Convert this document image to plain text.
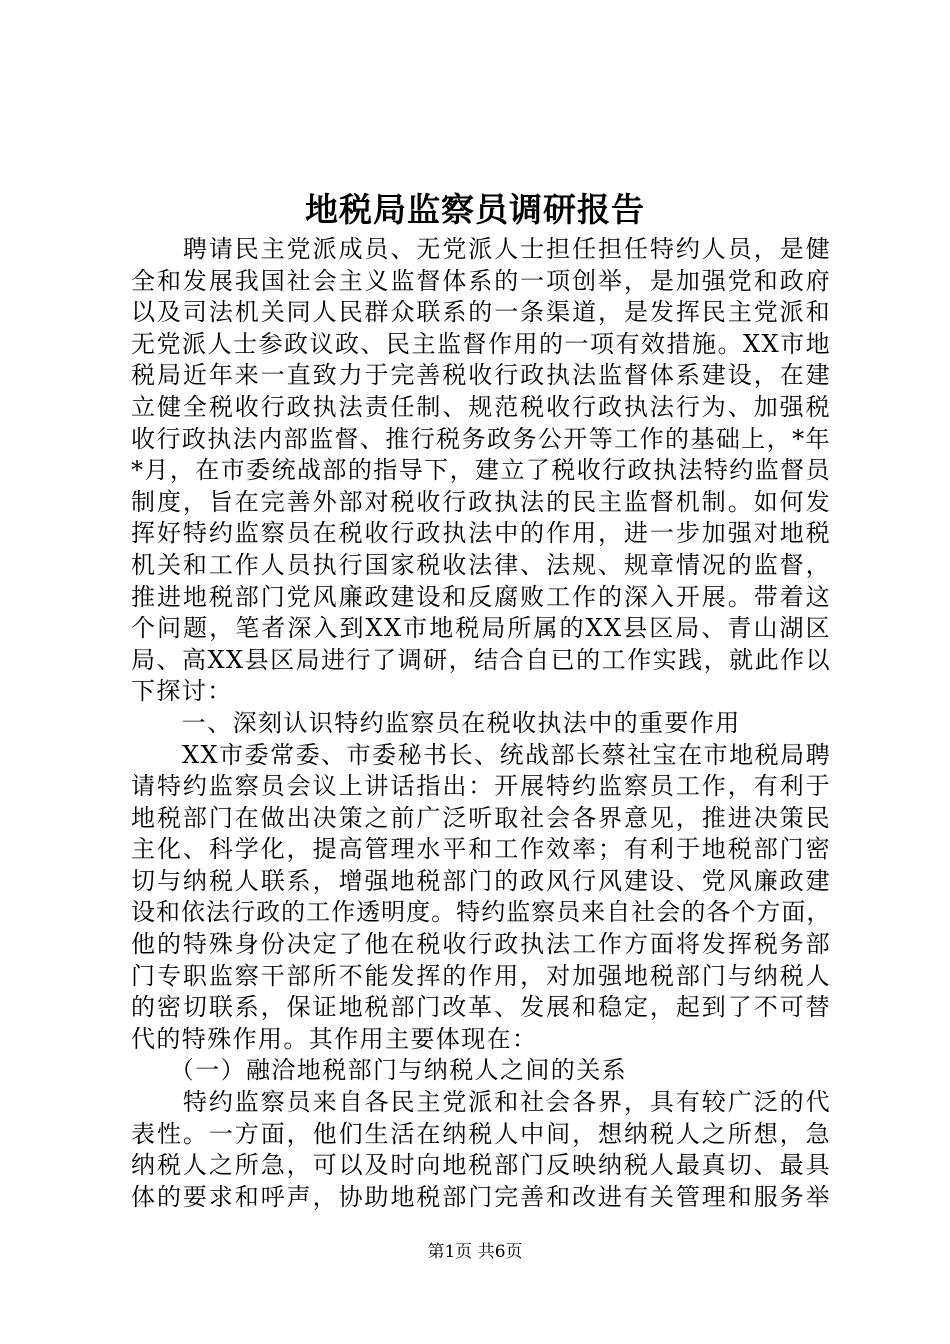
地税局监察员调研报告
　　聘请民主党派成员、无党派人士担任担任特约人员，是健
全和发展我国社会主义监督体系的一项创举，是加强党和政府
以及司法机关同人民群众联系的一条渠道，是发挥民主党派和
无党派人士参政议政、民主监督作用的一项有效措施。XX市地
税局近年来一直致力于完善税收行政执法监督体系建设，在建
立健全税收行政执法责任制、规范税收行政执法行为、加强税
收行政执法内部监督、推行税务政务公开等工作的基础上，*年
*月，在市委统战部的指导下，建立了税收行政执法特约监督员
制度，旨在完善外部对税收行政执法的民主监督机制。如何发
挥好特约监察员在税收行政执法中的作用，进一步加强对地税
机关和工作人员执行国家税收法律、法规、规章情况的监督，
推进地税部门党风廉政建设和反腐败工作的深入开展。带着这
个问题，笔者深入到XX市地税局所属的XX县区局、青山湖区
局、高XX县区局进行了调研，结合自已的工作实践，就此作以
下探讨：
　　一、深刻认识特约监察员在税收执法中的重要作用
　　XX市委常委、市委秘书长、统战部长蔡社宝在市地税局聘
请特约监察员会议上讲话指出：开展特约监察员工作，有利于
地税部门在做出决策之前广泛听取社会各界意见，推进决策民
主化、科学化，提高管理水平和工作效率；有利于地税部门密
切与纳税人联系，增强地税部门的政风行风建设、党风廉政建
设和依法行政的工作透明度。特约监察员来自社会的各个方面，
他的特殊身份决定了他在税收行政执法工作方面将发挥税务部
门专职监察干部所不能发挥的作用，对加强地税部门与纳税人
的密切联系，保证地税部门改革、发展和稳定，起到了不可替
代的特殊作用。其作用主要体现在：
　　（一）融洽地税部门与纳税人之间的关系
　　特约监察员来自各民主党派和社会各界，具有较广泛的代
表性。一方面，他们生活在纳税人中间，想纳税人之所想，急
纳税人之所急，可以及时向地税部门反映纳税人最真切、最具
体的要求和呼声，协助地税部门完善和改进有关管理和服务举
第1页 共6页
